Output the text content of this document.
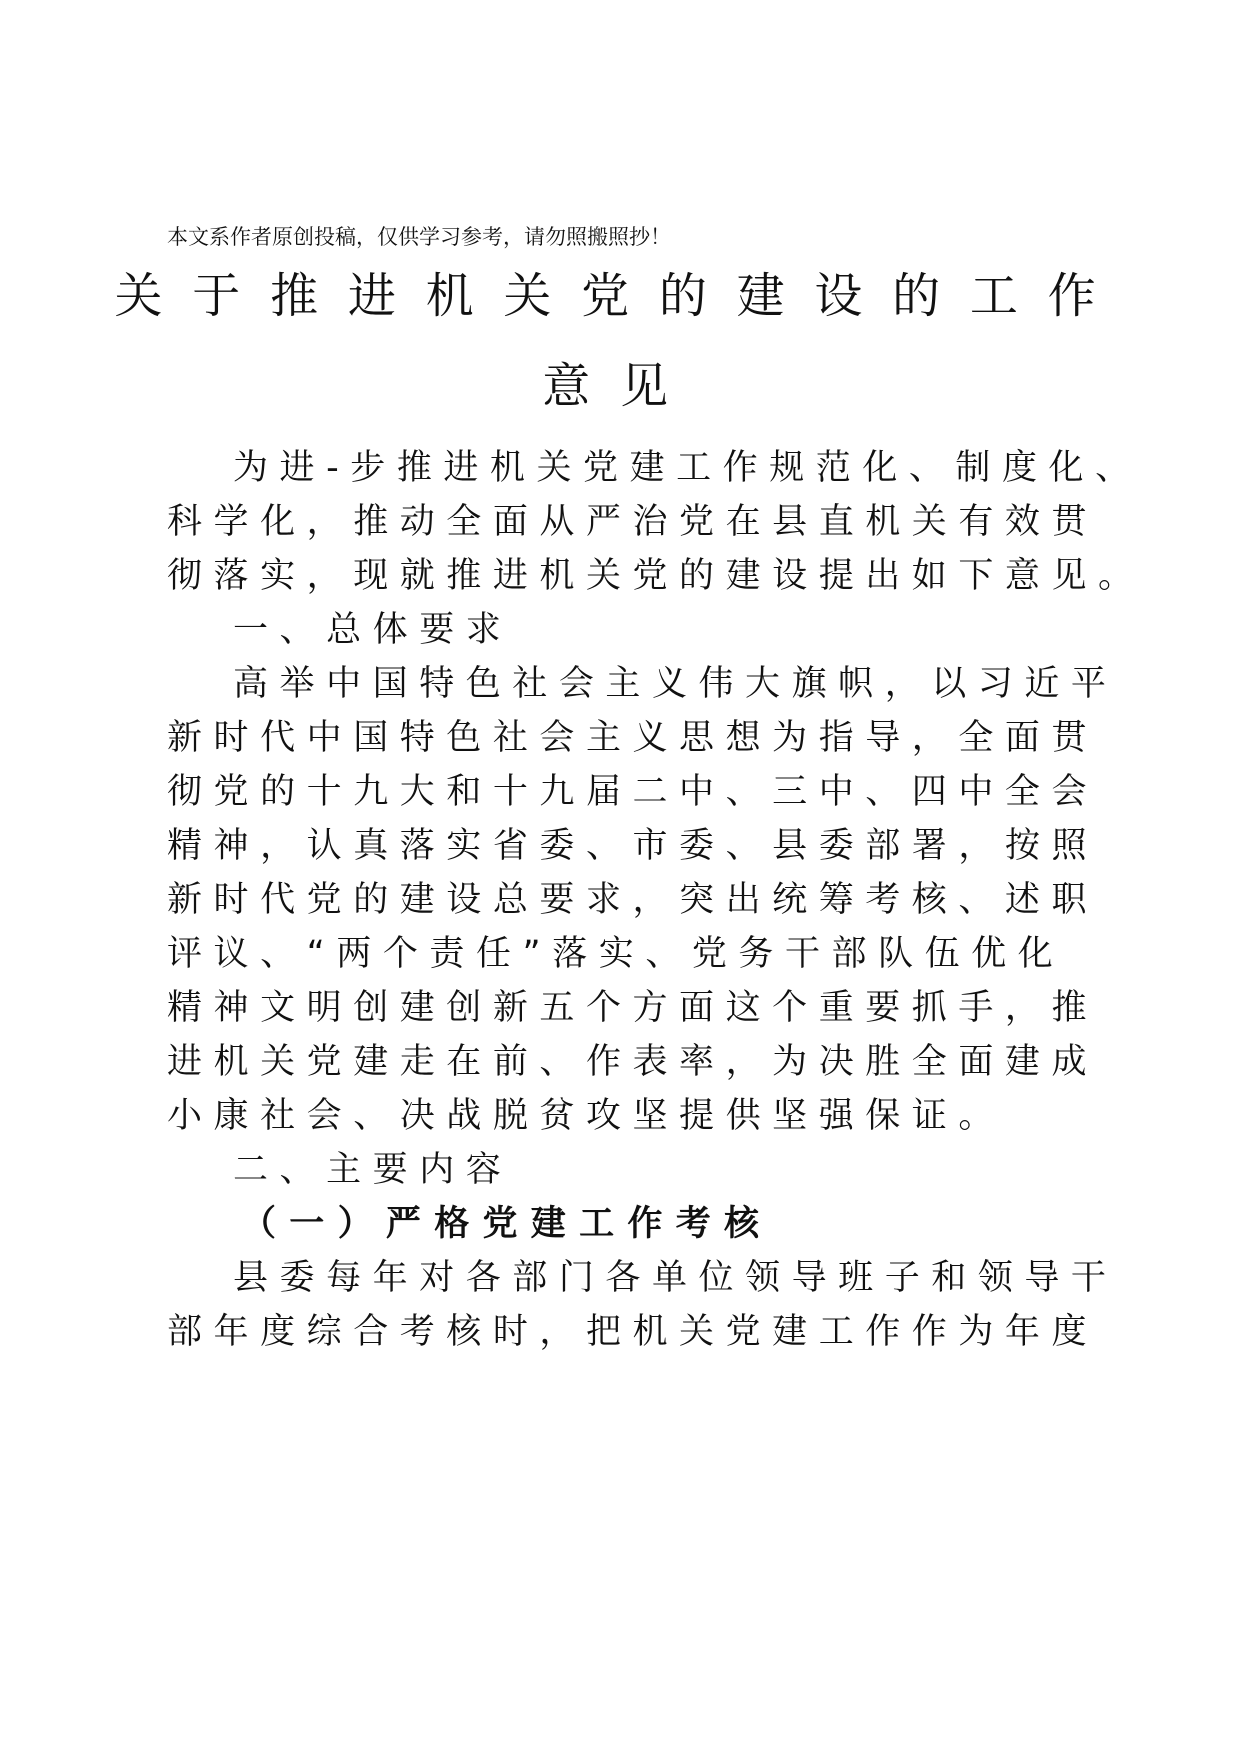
本文系作者原创投稿，仅供学习参考，请勿照搬照抄！
关于推进机关党的建设的工作
意见
为进-步推进机关党建工作规范化、制度化、
科学化，推动全面从严治党在县直机关有效贯
彻落实，现就推进机关党的建设提出如下意见。
一、总体要求
高举中国特色社会主义伟大旗帜，以习近平
新时代中国特色社会主义思想为指导，全面贯
彻党的十九大和十九届二中、三中、四中全会
精神，认真落实省委、市委、县委部署，按照
新时代党的建设总要求，突出统筹考核、述职
评议、“两个责任”落实、党务干部队伍优化
精神文明创建创新五个方面这个重要抓手，推
进机关党建走在前、作表率，为决胜全面建成
小康社会、决战脱贫攻坚提供坚强保证。
二、主要内容
（一）严格党建工作考核
县委每年对各部门各单位领导班子和领导干
部年度综合考核时，把机关党建工作作为年度
